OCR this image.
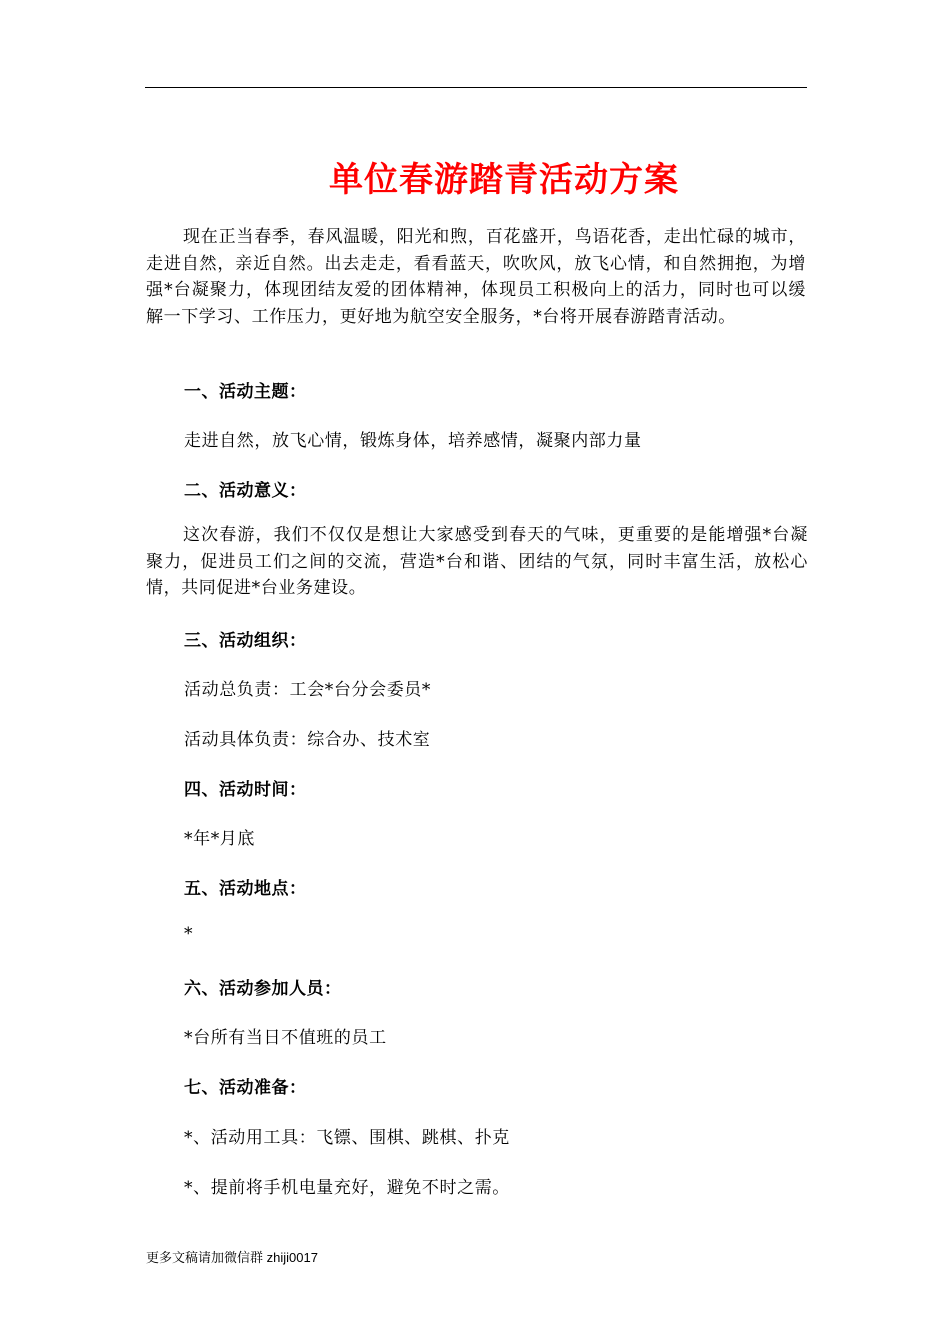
单位春游踏青活动方案
现在正当春季，春风温暖，阳光和煦，百花盛开，鸟语花香，走出忙碌的城市，走进自然，亲近自然。出去走走，看看蓝天，吹吹风，放飞心情，和自然拥抱，为增强*台凝聚力，体现团结友爱的团体精神，体现员工积极向上的活力，同时也可以缓解一下学习、工作压力，更好地为航空安全服务，*台将开展春游踏青活动。
一、活动主题：
走进自然，放飞心情，锻炼身体，培养感情，凝聚内部力量
二、活动意义：
这次春游，我们不仅仅是想让大家感受到春天的气味，更重要的是能增强*台凝聚力，促进员工们之间的交流，营造*台和谐、团结的气氛，同时丰富生活，放松心情，共同促进*台业务建设。
三、活动组织：
活动总负责：工会*台分会委员*
活动具体负责：综合办、技术室
四、活动时间：
*年*月底
五、活动地点：
*
六、活动参加人员：
*台所有当日不值班的员工
七、活动准备：
*、活动用工具：飞镖、围棋、跳棋、扑克
*、提前将手机电量充好，避免不时之需。
更多文稿请加微信群 zhiji0017
